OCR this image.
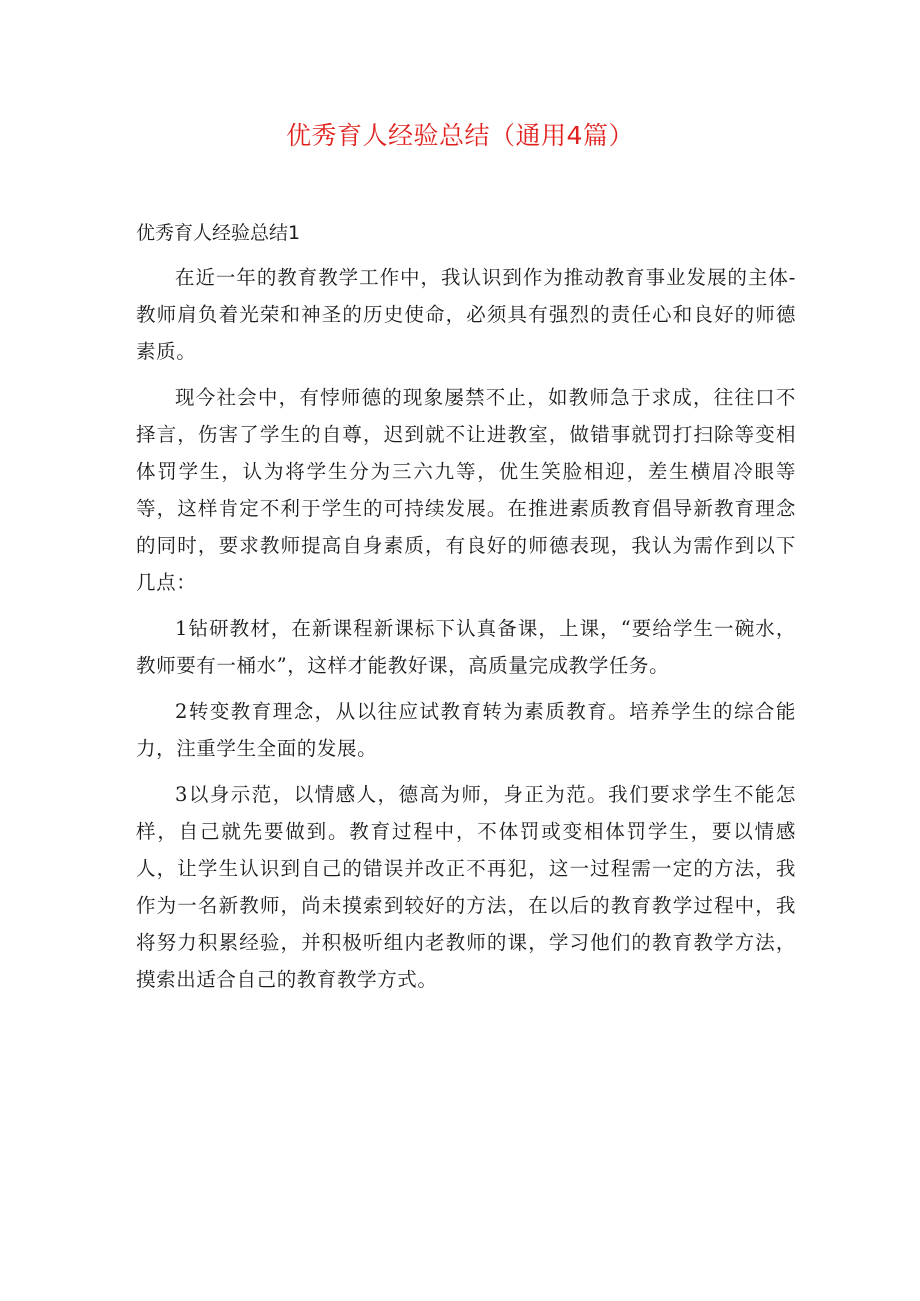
优秀育人经验总结（通用4篇）
优秀育人经验总结1

在近一年的教育教学工作中，我认识到作为推动教育事业发展的主体-教师肩负着光荣和神圣的历史使命，必须具有强烈的责任心和良好的师德素质。

现今社会中，有悖师德的现象屡禁不止，如教师急于求成，往往口不择言，伤害了学生的自尊，迟到就不让进教室，做错事就罚打扫除等变相体罚学生，认为将学生分为三六九等，优生笑脸相迎，差生横眉冷眼等等，这样肯定不利于学生的可持续发展。在推进素质教育倡导新教育理念的同时，要求教师提高自身素质，有良好的师德表现，我认为需作到以下几点：

1钻研教材，在新课程新课标下认真备课，上课，“要给学生一碗水，教师要有一桶水”，这样才能教好课，高质量完成教学任务。

2转变教育理念，从以往应试教育转为素质教育。培养学生的综合能力，注重学生全面的发展。

3以身示范，以情感人，德高为师，身正为范。我们要求学生不能怎样，自己就先要做到。教育过程中，不体罚或变相体罚学生，要以情感人，让学生认识到自己的错误并改正不再犯，这一过程需一定的方法，我作为一名新教师，尚未摸索到较好的方法，在以后的教育教学过程中，我将努力积累经验，并积极听组内老教师的课，学习他们的教育教学方法，摸索出适合自己的教育教学方式。
